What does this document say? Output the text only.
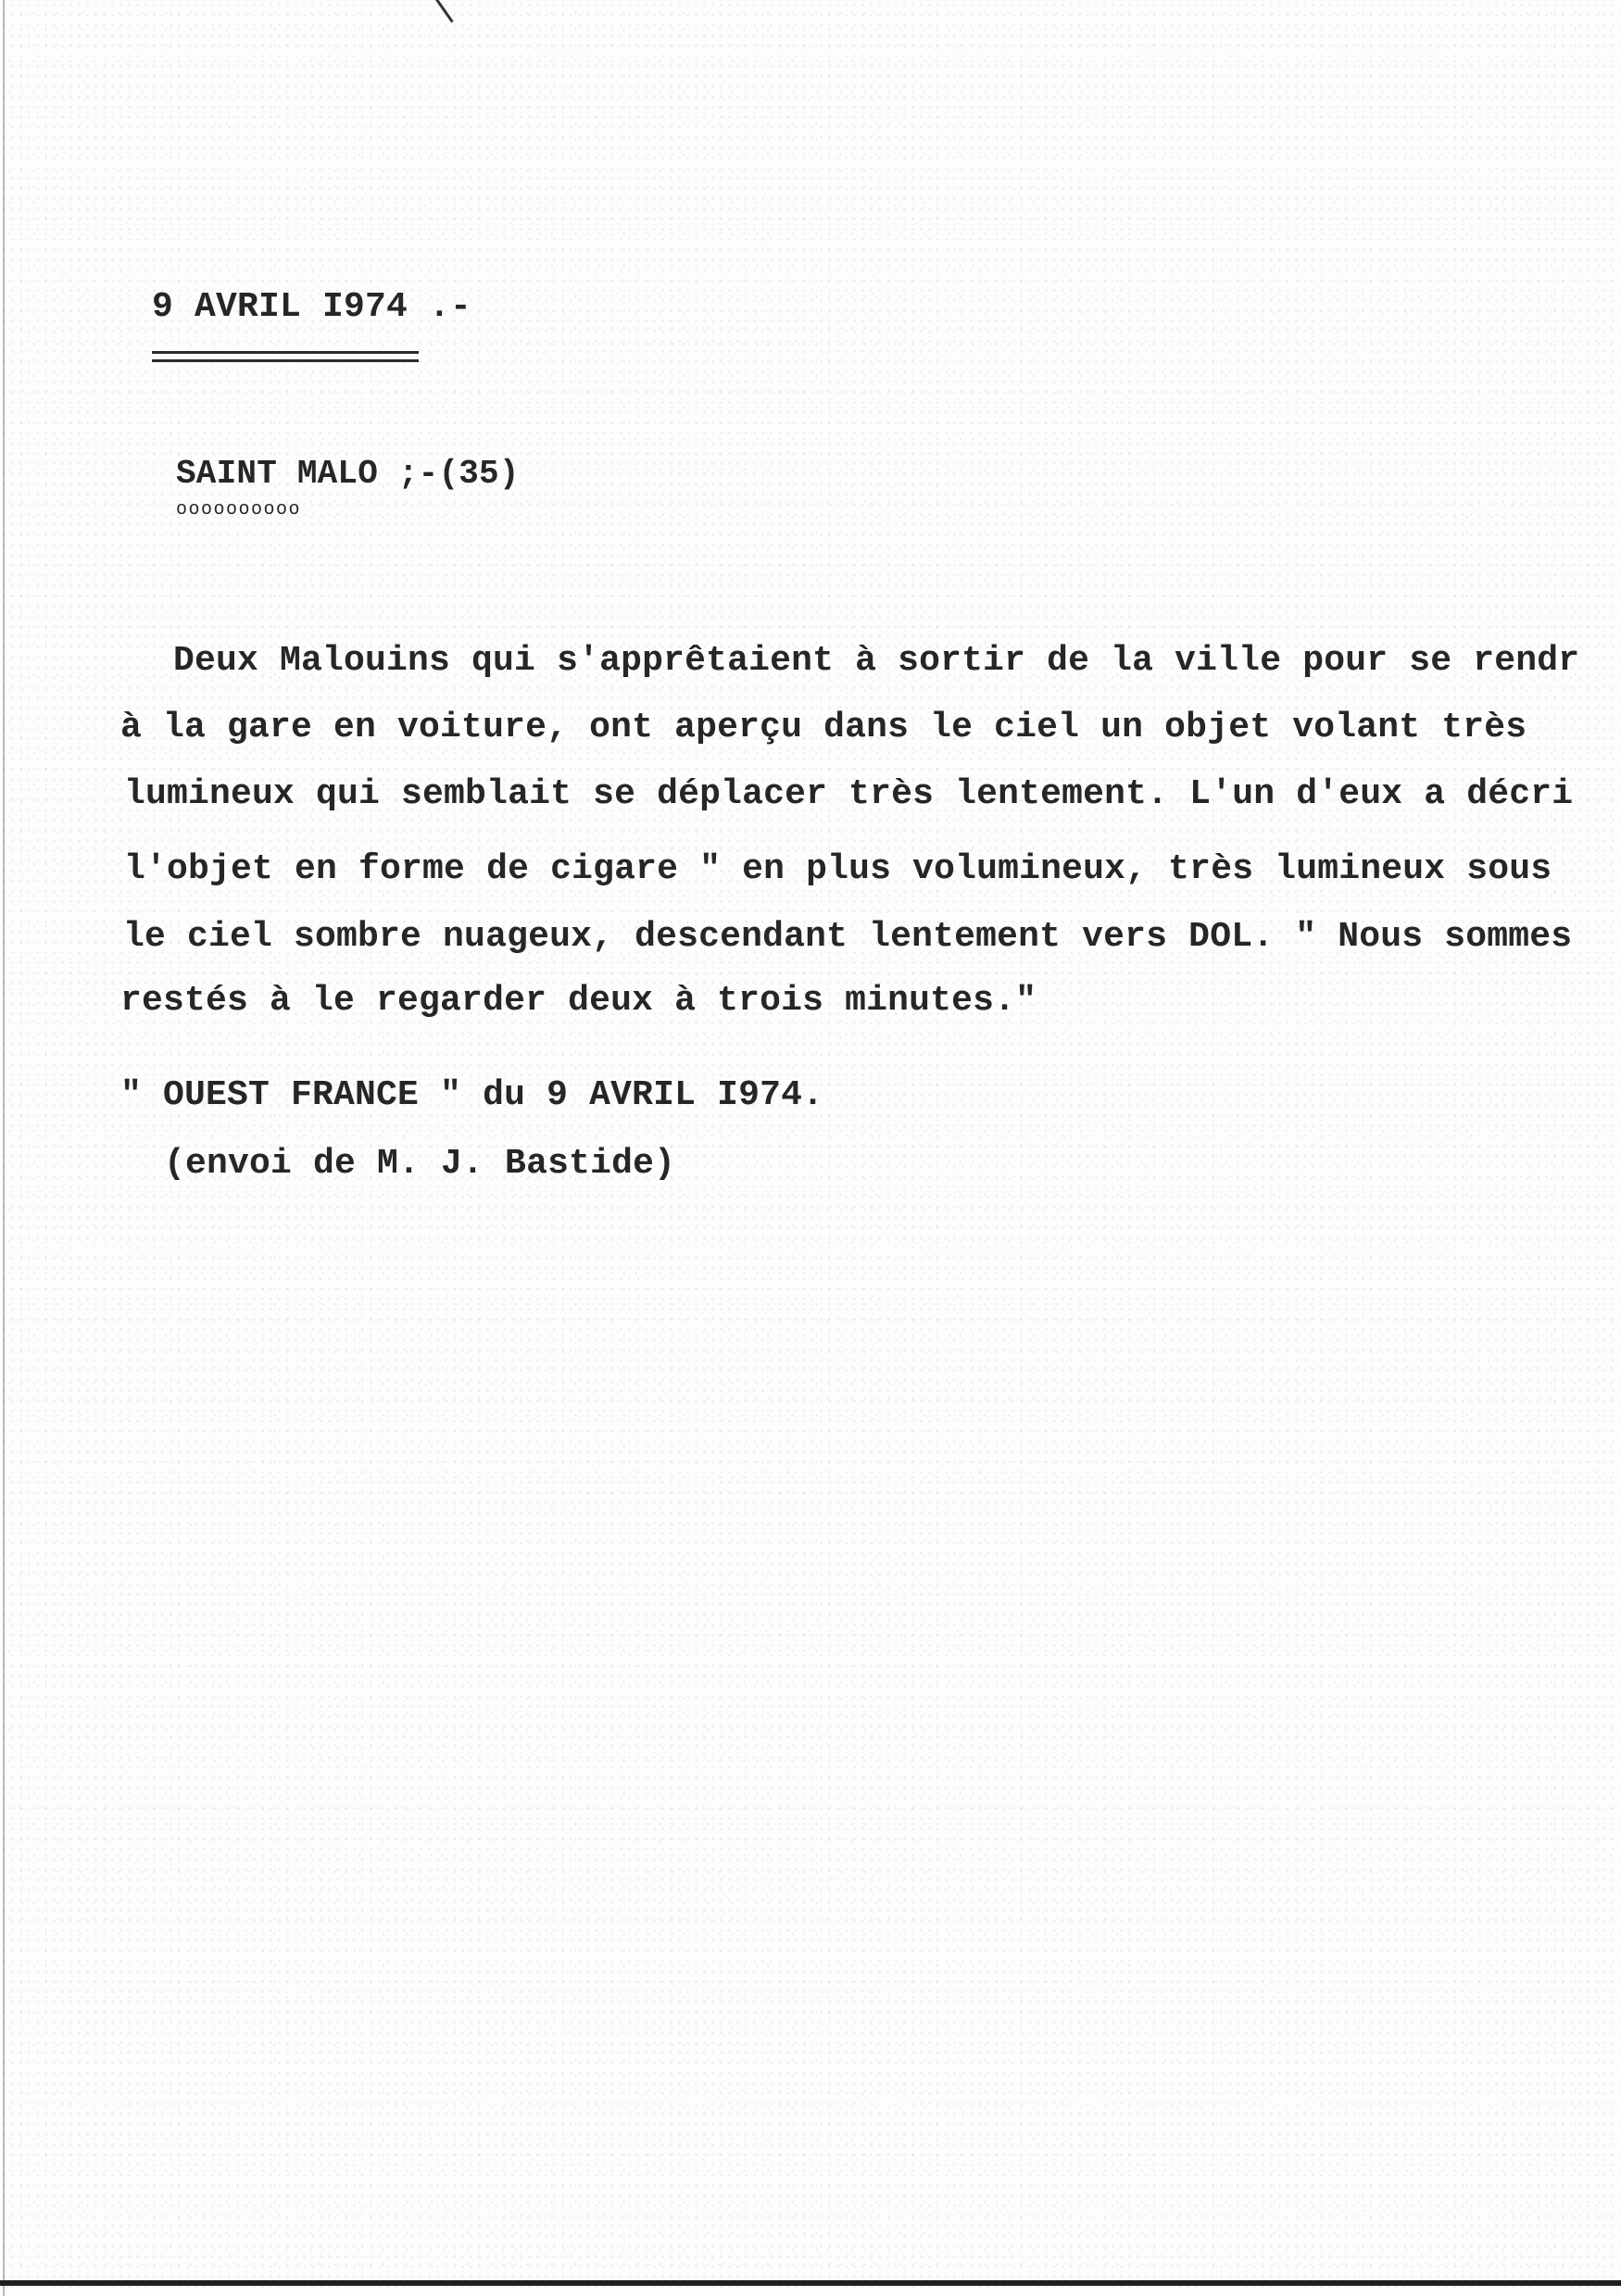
9 AVRIL I974 .-
SAINT MALO ;-(35)
oooooooooo
Deux Malouins qui s'apprêtaient à sortir de la ville pour se rendr
à la gare en voiture, ont aperçu dans le ciel un objet volant très
lumineux qui semblait se déplacer très lentement. L'un d'eux a décri
l'objet en forme de cigare " en plus volumineux, très lumineux sous
le ciel sombre nuageux, descendant lentement vers DOL. " Nous sommes
restés à le regarder deux à trois minutes."
" OUEST FRANCE " du 9 AVRIL I974.
(envoi de M. J. Bastide)
